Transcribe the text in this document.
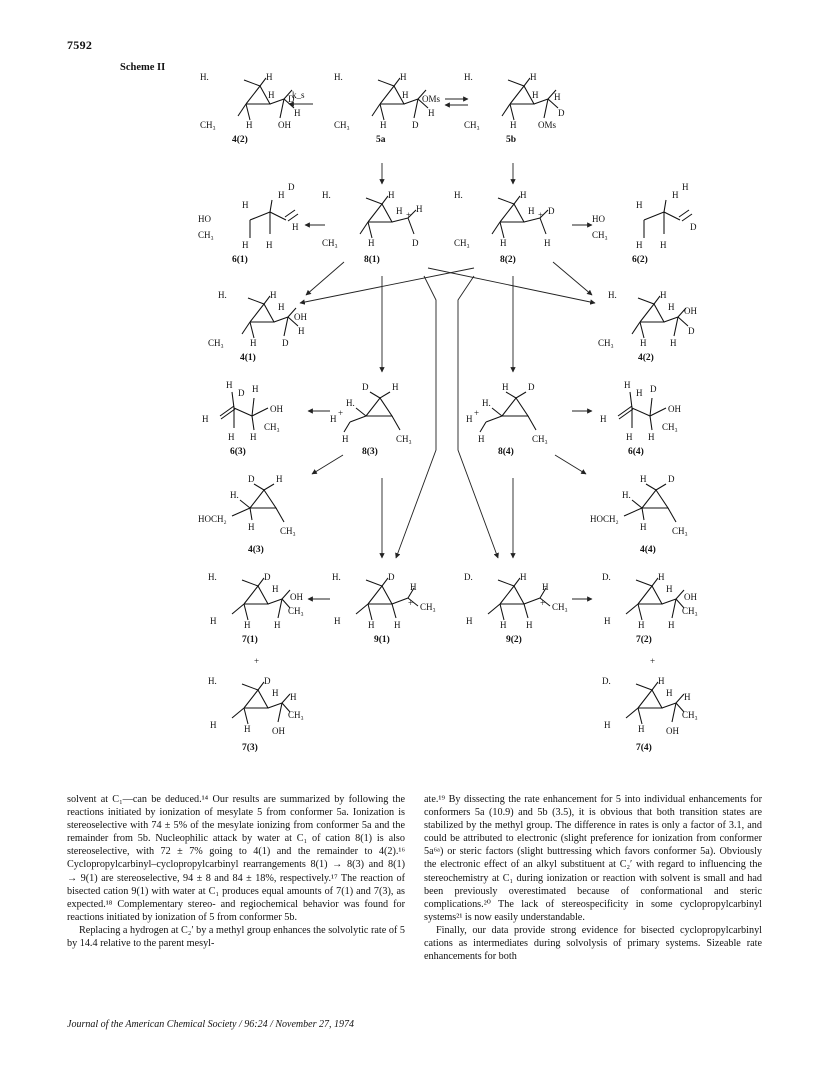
7592
Scheme II
H.	H
H D
H
CH₃	H	OH
4(2)
k_s
H.	H
H OMs
H
CH₃	H	D
5a
H.	H
H H
D
CH₃	H OMs
5b
H
D
HO
H
CH₃
H H
H
6(1)
H.	H
H +
H
CH₃	H	D
8(1)
H.	H
H + D
CH₃	H	H
8(2)
H
H
HO
H
CH₃
H H
D
6(2)
H.	H
H
OH
H
CH₃	H	D
4(1)
H.	H
H OH
D
CH₃	H	H
4(2)
H
D H
OH
H
CH₃
H H
6(3)
D	H
H.
H
+
H	CH₃
8(3)
H D
H.
H
+
H	CH₃
8(4)
H D
H
OH
H
CH₃
H H
6(4)
D H
H.
HOCH₂
H	CH₃
4(3)
H D
H.
HOCH₂
H	CH₃
4(4)
H.	D
H
OH
CH₃
H	H	H
7(1)
H.	D
H
+ CH₃
H	H H
9(1)
D.	H
H
+ CH₃
H	H H
9(2)
D.	H
H
OH
CH₃
H	H	H
7(2)
+	+
H.	D
H H
CH₃
H	H OH
7(3)
D.	H
H H
CH₃
H	H OH
7(4)

solvent at C₁—can be deduced.¹⁴ Our results are summarized by following the reactions initiated by ionization of mesylate 5 from conformer 5a. Ionization is stereoselective with 74 ± 5% of the mesylate ionizing from conformer 5a and the remainder from 5b. Nucleophilic attack by water at C₁ of cation 8(1) is also stereoselective, with 72 ± 7% going to 4(1) and the remainder to 4(2).¹⁶ Cyclopropylcarbinyl–cyclopropylcarbinyl rearrangements 8(1) → 8(3) and 8(1) → 9(1) are stereoselective, 94 ± 8 and 84 ± 18%, respectively.¹⁷ The reaction of bisected cation 9(1) with water at C₁ produces equal amounts of 7(1) and 7(3), as expected.¹⁸ Complementary stereo- and regiochemical behavior was found for reactions initiated by ionization of 5 from conformer 5b.

Replacing a hydrogen at C₂′ by a methyl group enhances the solvolytic rate of 5 by 14.4 relative to the parent mesyl-

ate.¹⁹ By dissecting the rate enhancement for 5 into individual enhancements for conformers 5a (10.9) and 5b (3.5), it is obvious that both transition states are stabilized by the methyl group. The difference in rates is only a factor of 3.1, and could be attributed to electronic (slight preference for ionization from conformer 5a⁶ᵃ) or steric factors (slight buttressing which favors conformer 5a). Obviously the electronic effect of an alkyl substituent at C₂′ with regard to influencing the stereochemistry at C₁ during ionization or reaction with solvent is small and had been previously overestimated because of conformational and steric complications.²⁰ The lack of stereospecificity in some cyclopropylcarbinyl systems²¹ is now easily understandable.

Finally, our data provide strong evidence for bisected cyclopropylcarbinyl cations as intermediates during solvolysis of primary systems. Sizeable rate enhancements for both

Journal of the American Chemical Society / 96:24 / November 27, 1974
